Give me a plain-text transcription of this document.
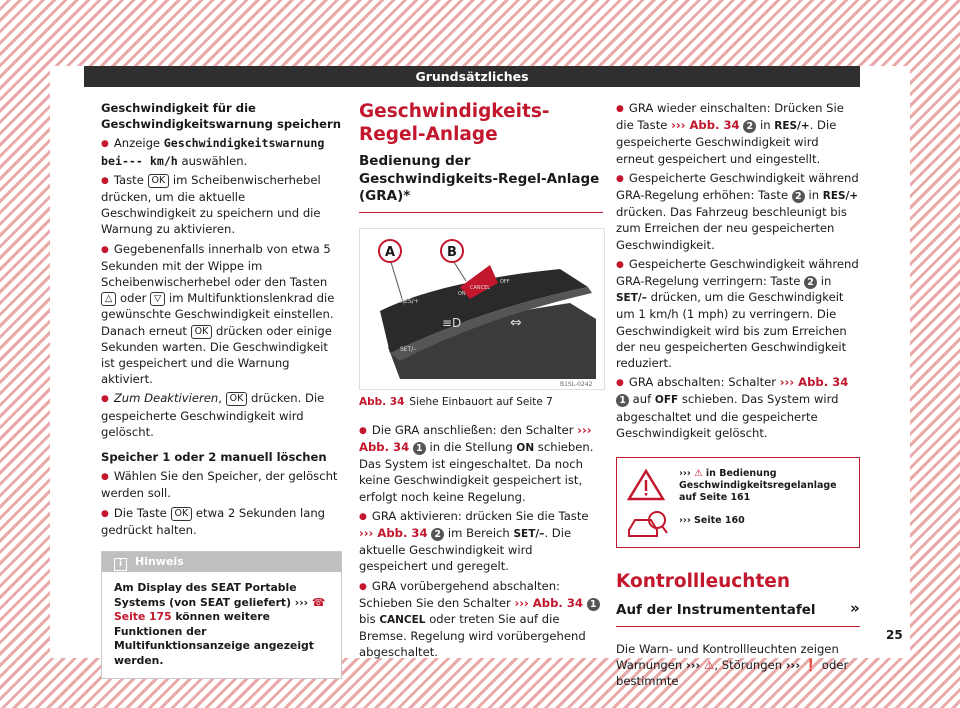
Grundsätzliches

Geschwindigkeit für die Geschwindigkeitswarnung speichern

● Anzeige Geschwindigkeitswarnung bei--- km/h auswählen.

● Taste OK im Scheibenwischerhebel drücken, um die aktuelle Geschwindigkeit zu speichern und die Warnung zu aktivieren.

● Gegebenenfalls innerhalb von etwa 5 Sekunden mit der Wippe im Scheibenwischerhebel oder den Tasten △ oder ▽ im Multifunktionslenkrad die gewünschte Geschwindigkeit einstellen. Danach erneut OK drücken oder einige Sekunden warten. Die Geschwindigkeit ist gespeichert und die Warnung aktiviert.

● Zum Deaktivieren, OK drücken. Die gespeicherte Geschwindigkeit wird gelöscht.

Speicher 1 oder 2 manuell löschen

● Wählen Sie den Speicher, der gelöscht werden soll.

● Die Taste OK etwa 2 Sekunden lang gedrückt halten.

i Hinweis
Am Display des SEAT Portable Systems (von SEAT geliefert) ››› ☎ Seite 175 können weitere Funktionen der Multifunktionsanzeige angezeigt werden.
Geschwindigkeits-Regel-Anlage
Bedienung der Geschwindigkeits-Regel-Anlage (GRA)*
A	B
RES/+
SET/–
ON
CANCEL
OFF
≡D	⇔
B1SL-0242
Abb. 34 Siehe Einbauort auf Seite 7

● Die GRA anschließen: den Schalter ››› Abb. 34 1 in die Stellung ON schieben. Das System ist eingeschaltet. Da noch keine Geschwindigkeit gespeichert ist, erfolgt noch keine Regelung.

● GRA aktivieren: drücken Sie die Taste ››› Abb. 34 2 im Bereich SET/–. Die aktuelle Geschwindigkeit wird gespeichert und geregelt.

● GRA vorübergehend abschalten: Schieben Sie den Schalter ››› Abb. 34 1 bis CANCEL oder treten Sie auf die Bremse. Regelung wird vorübergehend abgeschaltet.

● GRA wieder einschalten: Drücken Sie die Taste ››› Abb. 34 2 in RES/+. Die gespeicherte Geschwindigkeit wird erneut gespeichert und eingestellt.

● Gespeicherte Geschwindigkeit während GRA-Regelung erhöhen: Taste 2 in RES/+ drücken. Das Fahrzeug beschleunigt bis zum Erreichen der neu gespeicherten Geschwindigkeit.

● Gespeicherte Geschwindigkeit während GRA-Regelung verringern: Taste 2 in SET/– drücken, um die Geschwindigkeit um 1 km/h (1 mph) zu verringern. Die Geschwindigkeit wird bis zum Erreichen der neu gespeicherten Geschwindigkeit reduziert.

● GRA abschalten: Schalter ››› Abb. 34 1 auf OFF schieben. Das System wird abgeschaltet und die gespeicherte Geschwindigkeit gelöscht.

››› ⚠ in Bedienung Geschwindigkeitsregelanlage auf Seite 161
››› Seite 160
Kontrollleuchten
Auf der Instrumententafel

Die Warn- und Kontrollleuchten zeigen Warnungen ››› ⚠, Störungen ››› ❗ oder bestimmte

»
25
